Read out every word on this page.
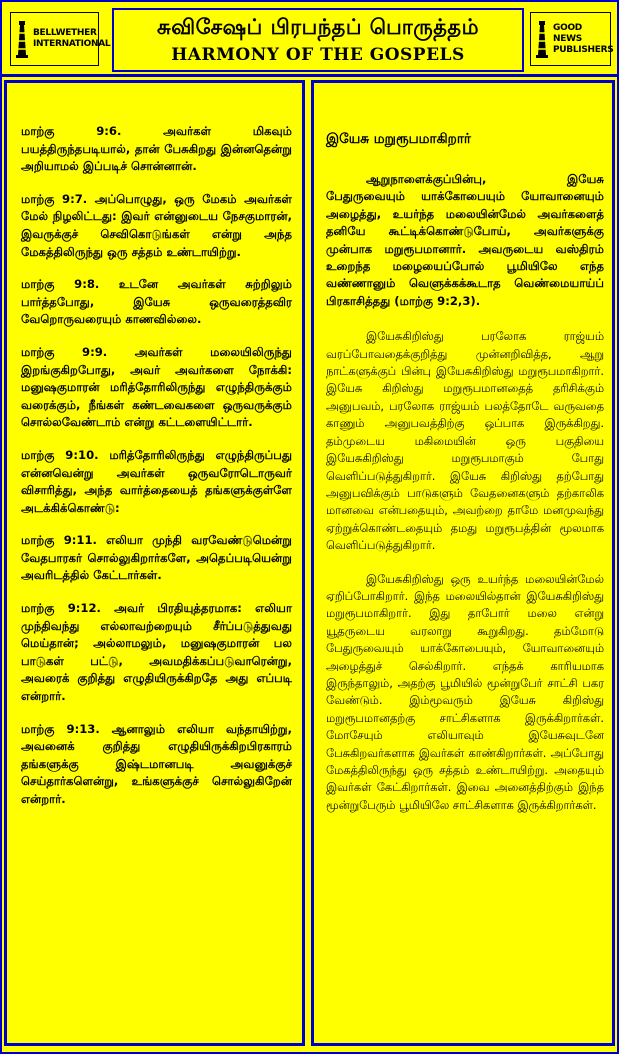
BELLWETHER INTERNATIONAL
சுவிசேஷப் பிரபந்தப் பொருத்தம்
HARMONY OF THE GOSPELS
GOOD NEWS PUBLISHERS

மாற்கு 9:6. அவர்கள் மிகவும் பயத்திருந்தபடியால், தான் பேசுகிறது இன்னதென்று அறியாமல் இப்படிச் சொன்னான்.

மாற்கு 9:7. அப்பொழுது, ஒரு மேகம் அவர்கள் மேல் நிழலிட்டது: இவர் என்னுடைய நேசகுமாரன், இவருக்குச் செவிகொடுங்கள் என்று அந்த மேகத்திலிருந்து ஒரு சத்தம் உண்டாயிற்று.

மாற்கு 9:8. உடனே அவர்கள் சுற்றிலும் பார்த்தபோது, இயேசு ஒருவரைத்தவிர வேறொருவரையும் காணவில்லை.

மாற்கு 9:9. அவர்கள் மலையிலிருந்து இறங்குகிறபோது, அவர் அவர்களை நோக்கி: மனுஷகுமாரன் மரித்தோரிலிருந்து எழுந்திருக்கும் வரைக்கும், நீங்கள் கண்டவைகளை ஒருவருக்கும் சொல்லவேண்டாம் என்று கட்டளையிட்டார்.

மாற்கு 9:10. மரித்தோரிலிருந்து எழுந்திருப்பது என்னவென்று அவர்கள் ஒருவரோடொருவர் விசாரித்து, அந்த வார்த்தையைத் தங்களுக்குள்ளே அடக்கிக்கொண்டு:

மாற்கு 9:11. எலியா முந்தி வரவேண்டுமென்று வேதபாரகர் சொல்லுகிறார்களே, அதெப்படியென்று அவரிடத்தில் கேட்டார்கள்.

மாற்கு 9:12. அவர் பிரதியுத்தரமாக: எலியா முந்திவந்து எல்லாவற்றையும் சீர்ப்படுத்துவது மெய்தான்; அல்லாமலும், மனுஷகுமாரன் பல பாடுகள் பட்டு, அவமதிக்கப்படுவாரென்று, அவரைக் குறித்து எழுதியிருக்கிறதே அது எப்படி என்றார்.

மாற்கு 9:13. ஆனாலும் எலியா வந்தாயிற்று, அவனைக் குறித்து எழுதியிருக்கிறபிரகாரம் தங்களுக்கு இஷ்டமானபடி அவனுக்குச் செய்தார்களென்று, உங்களுக்குச் சொல்லுகிறேன் என்றார்.

இயேசு மறுரூபமாகிறார்

ஆறுநாளைக்குப்பின்பு, இயேசு பேதுருவையும் யாக்கோபையும் யோவானையும் அழைத்து, உயர்ந்த மலையின்மேல் அவர்களைத் தனியே கூட்டிக்கொண்டுபோய், அவர்களுக்கு முன்பாக மறுரூபமானார். அவருடைய வஸ்திரம் உறைந்த மழையைப்போல் பூமியிலே எந்த வண்ணானும் வெளுக்கக்கூடாத வெண்மையாய்ப் பிரகாசித்தது (மாற்கு 9:2,3).

இயேசுகிறிஸ்து பரலோக ராஜ்யம் வரப்போவதைக்குறித்து முன்னறிவித்த, ஆறு நாட்களுக்குப் பின்பு இயேசுகிறிஸ்து மறுரூபமாகிறார். இயேசு கிறிஸ்து மறுரூபமானதைத் தரிசிக்கும் அனுபவம், பரலோக ராஜ்யம் பலத்தோடே வருவதை காணும் அனுபவத்திற்கு ஒப்பாக இருக்கிறது. தம்முடைய மகிமையின் ஒரு பகுதியை இயேசுகிறிஸ்து மறுரூபமாகும் போது வெளிப்படுத்துகிறார். இயேசு கிறிஸ்து தற்போது அனுபவிக்கும் பாடுகளும் வேதனைகளும் தற்காலிக மானவை என்பதையும், அவற்றை தாமே மனமுவந்து ஏற்றுக்கொண்டதையும் தமது மறுரூபத்தின் மூலமாக வெளிப்படுத்துகிறார்.

இயேசுகிறிஸ்து ஒரு உயர்ந்த மலையின்மேல் ஏறிப்போகிறார். இந்த மலையில்தான் இயேசுகிறிஸ்து மறுரூபமாகிறார். இது தாபோர் மலை என்று யூதருடைய வரலாறு கூறுகிறது. தம்மோடு பேதுருவையும் யாக்கோபையும், யோவானையும் அழைத்துச் செல்கிறார். எந்தக் காரியமாக இருந்தாலும், அதற்கு பூமியில் மூன்றுபேர் சாட்சி பகர வேண்டும். இம்மூவரும் இயேசு கிறிஸ்து மறுரூபமானதற்கு சாட்சிகளாக இருக்கிறார்கள். மோசேயும் எலியாவும் இயேசுவுடனே பேசுகிறவர்களாக இவர்கள் காண்கிறார்கள். அப்போது மேகத்திலிருந்து ஒரு சத்தம் உண்டாயிற்று. அதையும் இவர்கள் கேட்கிறார்கள். இவை அனைத்திற்கும் இந்த மூன்றுபேரும் பூமியிலே சாட்சிகளாக இருக்கிறார்கள்.
